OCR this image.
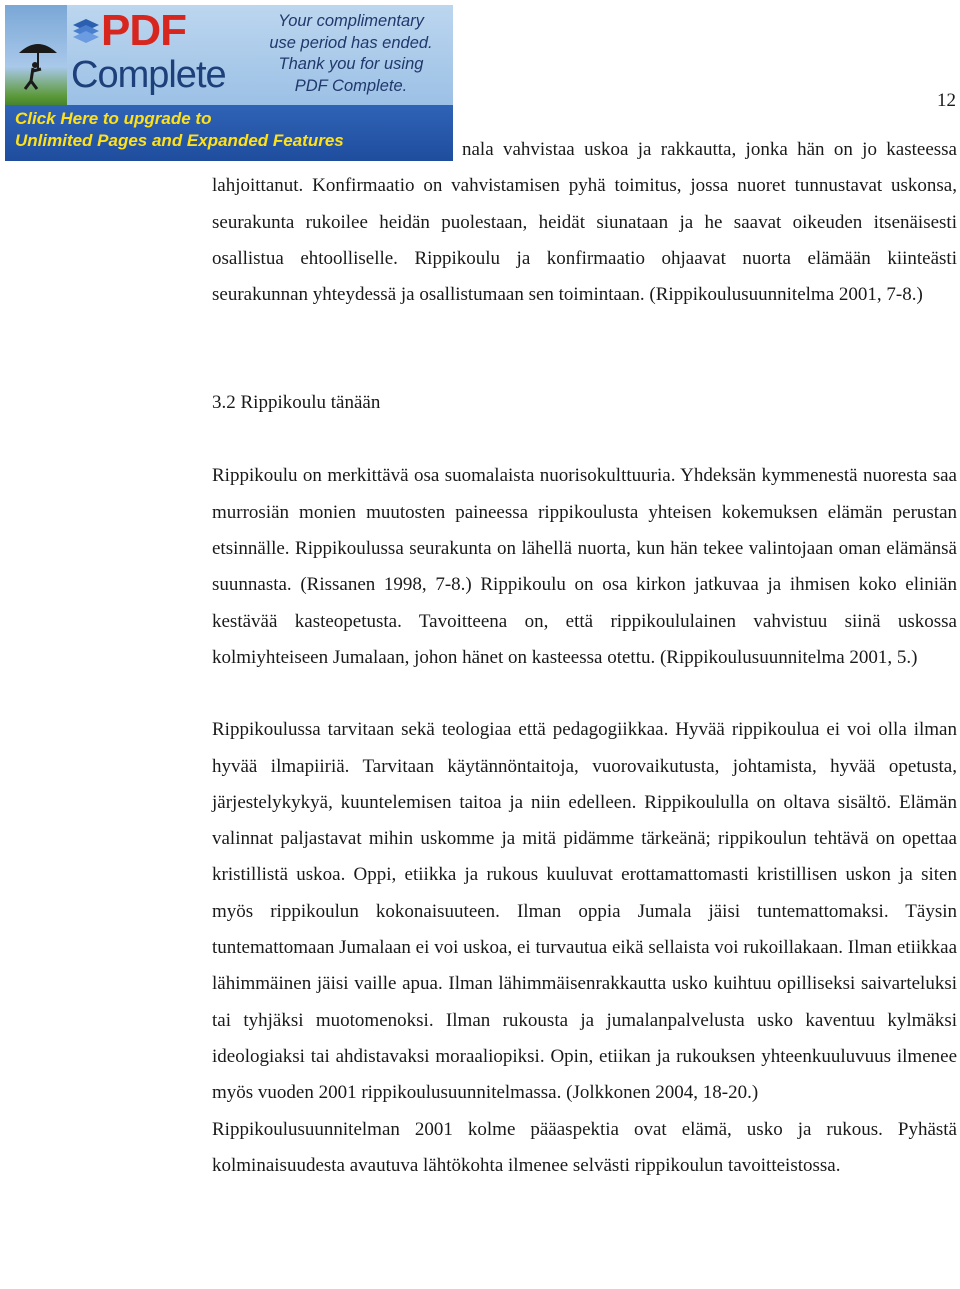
12
PDF
Complete
Your complimentary
use period has ended.
Thank you for using
PDF Complete.
Click Here to upgrade to
Unlimited Pages and Expanded Features	nala vahvistaa uskoa ja rakkautta, jonka hän on jo kasteessa lahjoittanut. Konfirmaatio on vahvistamisen pyhä toimitus, jossa nuoret tunnustavat uskonsa, seurakunta rukoilee heidän puolestaan, heidät siunataan ja he saavat oikeuden itsenäisesti osallistua ehtoolliselle. Rippikoulu ja konfirmaatio ohjaavat nuorta elämään kiinteästi seurakunnan yhteydessä ja osallistumaan sen toimintaan. (Rippikoulusuunnitelma 2001, 7-8.)

3.2 Rippikoulu tänään

Rippikoulu on merkittävä osa suomalaista nuorisokulttuuria. Yhdeksän kymmenestä nuoresta saa murrosiän monien muutosten paineessa rippikoulusta yhteisen kokemuksen elämän perustan etsinnälle. Rippikoulussa seurakunta on lähellä nuorta, kun hän tekee valintojaan oman elämänsä suunnasta. (Rissanen 1998, 7-8.) Rippikoulu on osa kirkon jatkuvaa ja ihmisen koko eliniän kestävää kasteopetusta. Tavoitteena on, että rippikoululainen vahvistuu siinä uskossa kolmiyhteiseen Jumalaan, johon hänet on kasteessa otettu. (Rippikoulusuunnitelma 2001, 5.)

Rippikoulussa tarvitaan sekä teologiaa että pedagogiikkaa. Hyvää rippikoulua ei voi olla ilman hyvää ilmapiiriä. Tarvitaan käytännöntaitoja, vuorovaikutusta, johtamista, hyvää opetusta, järjestelykykyä, kuuntelemisen taitoa ja niin edelleen. Rippikoululla on oltava sisältö. Elämän valinnat paljastavat mihin uskomme ja mitä pidämme tärkeänä; rippikoulun tehtävä on opettaa kristillistä uskoa. Oppi, etiikka ja rukous kuuluvat erottamattomasti kristillisen uskon ja siten myös rippikoulun kokonaisuuteen. Ilman oppia Jumala jäisi tuntemattomaksi. Täysin tuntemattomaan Jumalaan ei voi uskoa, ei turvautua eikä sellaista voi rukoillakaan. Ilman etiikkaa lähimmäinen jäisi vaille apua. Ilman lähimmäisenrakkautta usko kuihtuu opilliseksi saivarteluksi tai tyhjäksi muotomenoksi. Ilman rukousta ja jumalanpalvelusta usko kaventuu kylmäksi ideologiaksi tai ahdistavaksi moraaliopiksi. Opin, etiikan ja rukouksen yhteenkuuluvuus ilmenee myös vuoden 2001 rippikoulusuunnitelmassa. (Jolkkonen 2004, 18-20.)

Rippikoulusuunnitelman 2001 kolme pääaspektia ovat elämä, usko ja rukous. Pyhästä kolminaisuudesta avautuva lähtökohta ilmenee selvästi rippikoulun tavoitteistossa.
